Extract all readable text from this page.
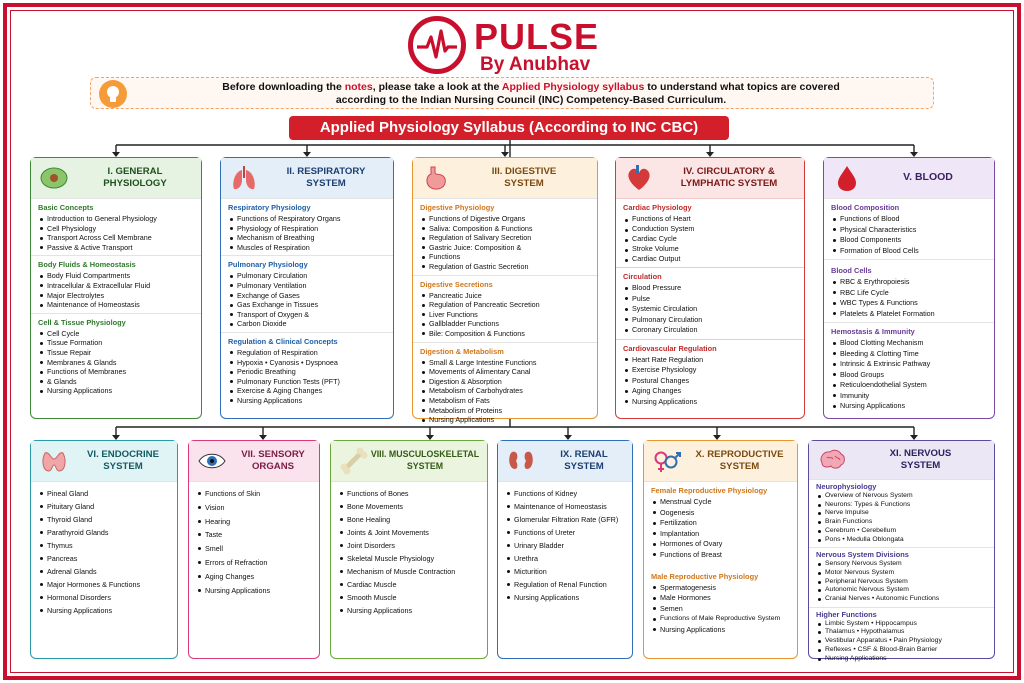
PULSE
By Anubhav
Before downloading the notes, please take a look at the Applied Physiology syllabus to understand what topics are covered
according to the Indian Nursing Council (INC) Competency-Based Curriculum.
Applied Physiology Syllabus (According to INC CBC)
I. GENERAL
PHYSIOLOGY
Basic Concepts
Introduction to General Physiology
Cell Physiology
Transport Across Cell Membrane
Passive & Active Transport
Body Fluids & Homeostasis
Body Fluid Compartments
Intracellular & Extracellular Fluid
Major Electrolytes
Maintenance of Homeostasis
Cell & Tissue Physiology
Cell Cycle
Tissue Formation
Tissue Repair
Membranes & Glands
Functions of Membranes
& Glands
Nursing Applications
II. RESPIRATORY
SYSTEM
Respiratory Physiology
Functions of Respiratory Organs
Physiology of Respiration
Mechanism of Breathing
Muscles of Respiration
Pulmonary Physiology
Pulmonary Circulation
Pulmonary Ventilation
Exchange of Gases
Gas Exchange in Tissues
Transport of Oxygen &
Carbon Dioxide
Regulation & Clinical Concepts
Regulation of Respiration
Hypoxia • Cyanosis • Dyspnoea
Periodic Breathing
Pulmonary Function Tests (PFT)
Exercise & Aging Changes
Nursing Applications
III. DIGESTIVE
SYSTEM
Digestive Physiology
Functions of Digestive Organs
Saliva: Composition & Functions
Regulation of Salivary Secretion
Gastric Juice: Composition &
Functions
Regulation of Gastric Secretion
Digestive Secretions
Pancreatic Juice
Regulation of Pancreatic Secretion
Liver Functions
Gallbladder Functions
Bile: Composition & Functions
Digestion & Metabolism
Small & Large Intestine Functions
Movements of Alimentary Canal
Digestion & Absorption
Metabolism of Carbohydrates
Metabolism of Fats
Metabolism of Proteins
Nursing Applications
IV. CIRCULATORY &
LYMPHATIC SYSTEM
Cardiac Physiology
Functions of Heart
Conduction System
Cardiac Cycle
Stroke Volume
Cardiac Output
Circulation
Blood Pressure
Pulse
Systemic Circulation
Pulmonary Circulation
Coronary Circulation
Cardiovascular Regulation
Heart Rate Regulation
Exercise Physiology
Postural Changes
Aging Changes
Nursing Applications
V. BLOOD
Blood Composition
Functions of Blood
Physical Characteristics
Blood Components
Formation of Blood Cells
Blood Cells
RBC & Erythropoiesis
RBC Life Cycle
WBC Types & Functions
Platelets & Platelet Formation
Hemostasis & Immunity
Blood Clotting Mechanism
Bleeding & Clotting Time
Intrinsic & Extrinsic Pathway
Blood Groups
Reticuloendothelial System
Immunity
Nursing Applications
VI. ENDOCRINE
SYSTEM
Pineal Gland
Pituitary Gland
Thyroid Gland
Parathyroid Glands
Thymus
Pancreas
Adrenal Glands
Major Hormones & Functions
Hormonal Disorders
Nursing Applications
VII. SENSORY
ORGANS
Functions of Skin
Vision
Hearing
Taste
Smell
Errors of Refraction
Aging Changes
Nursing Applications
VIII. MUSCULOSKELETAL
SYSTEM
Functions of Bones
Bone Movements
Bone Healing
Joints & Joint Movements
Joint Disorders
Skeletal Muscle Physiology
Mechanism of Muscle Contraction
Cardiac Muscle
Smooth Muscle
Nursing Applications
IX. RENAL
SYSTEM
Functions of Kidney
Maintenance of Homeostasis
Glomerular Filtration Rate (GFR)
Functions of Ureter
Urinary Bladder
Urethra
Micturition
Regulation of Renal Function
Nursing Applications
X. REPRODUCTIVE
SYSTEM
Female Reproductive Physiology
Menstrual Cycle
Oogenesis
Fertilization
Implantation
Hormones of Ovary
Functions of Breast
Male Reproductive Physiology
Spermatogenesis
Male Hormones
Semen
Functions of Male Reproductive System
Nursing Applications
XI. NERVOUS
SYSTEM
Neurophysiology
Overview of Nervous System
Neurons: Types & Functions
Nerve Impulse
Brain Functions
Cerebrum • Cerebellum
Pons • Medulla Oblongata
Nervous System Divisions
Sensory Nervous System
Motor Nervous System
Peripheral Nervous System
Autonomic Nervous System
Cranial Nerves • Autonomic Functions
Higher Functions
Limbic System • Hippocampus
Thalamus • Hypothalamus
Vestibular Apparatus • Pain Physiology
Reflexes • CSF & Blood-Brain Barrier
Nursing Applications
